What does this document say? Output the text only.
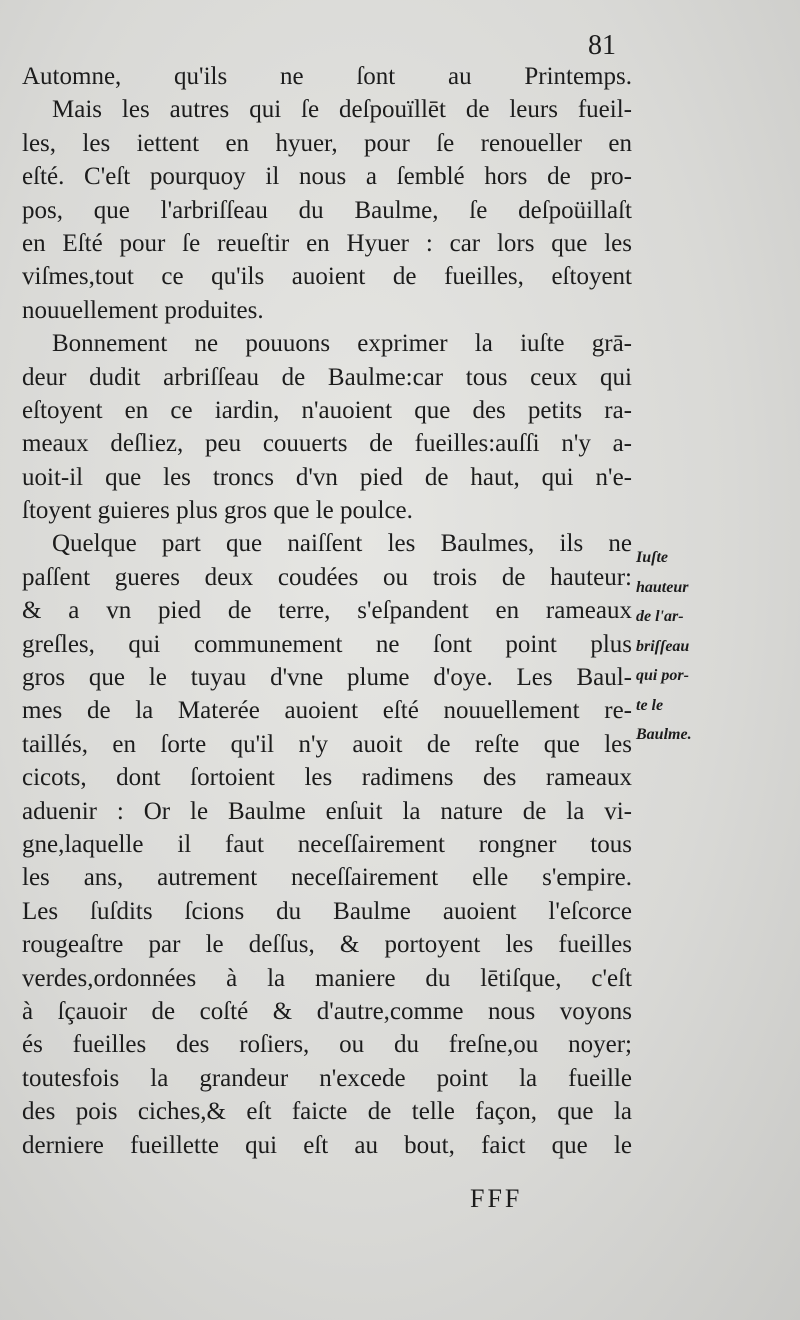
81
Automne, qu'ils ne ſont au Printemps.
Mais les autres qui ſe deſpouïllēt de leurs fueil-
les, les iettent en hyuer, pour ſe renoueller en
eſté. C'eſt pourquoy il nous a ſemblé hors de pro-
pos, que l'arbriſſeau du Baulme, ſe deſpoüillaſt
en Eſté pour ſe reueſtir en Hyuer : car lors que les
viſmes,tout ce qu'ils auoient de fueilles, eſtoyent
nouuellement produites.
Bonnement ne pouuons exprimer la iuſte grā-
deur dudit arbriſſeau de Baulme:car tous ceux qui
eſtoyent en ce iardin, n'auoient que des petits ra-
meaux deſliez, peu couuerts de fueilles:auſſi n'y a-
uoit-il que les troncs d'vn pied de haut, qui n'e-
ſtoyent guieres plus gros que le poulce.
Quelque part que naiſſent les Baulmes, ils ne
paſſent gueres deux coudées ou trois de hauteur:
& a vn pied de terre, s'eſpandent en rameaux
greſles, qui communement ne ſont point plus
gros que le tuyau d'vne plume d'oye. Les Baul-
mes de la Materée auoient eſté nouuellement re-
taillés, en ſorte qu'il n'y auoit de reſte que les
cicots, dont ſortoient les radimens des rameaux
aduenir : Or le Baulme enſuit la nature de la vi-
gne,laquelle il faut neceſſairement rongner tous
les ans, autrement neceſſairement elle s'empire.
Les ſuſdits ſcions du Baulme auoient l'eſcorce
rougeaſtre par le deſſus, & portoyent les fueilles
verdes,ordonnées à la maniere du lētiſque, c'eſt
à ſçauoir de coſté & d'autre,comme nous voyons
és fueilles des roſiers, ou du freſne,ou noyer;
toutesfois la grandeur n'excede point la fueille
des pois ciches,& eſt faicte de telle façon, que la
derniere fueillette qui eſt au bout, faict que le
Iuſte
hauteur
de l'ar-
briſſeau
qui por-
te le
Baulme.
FFF
